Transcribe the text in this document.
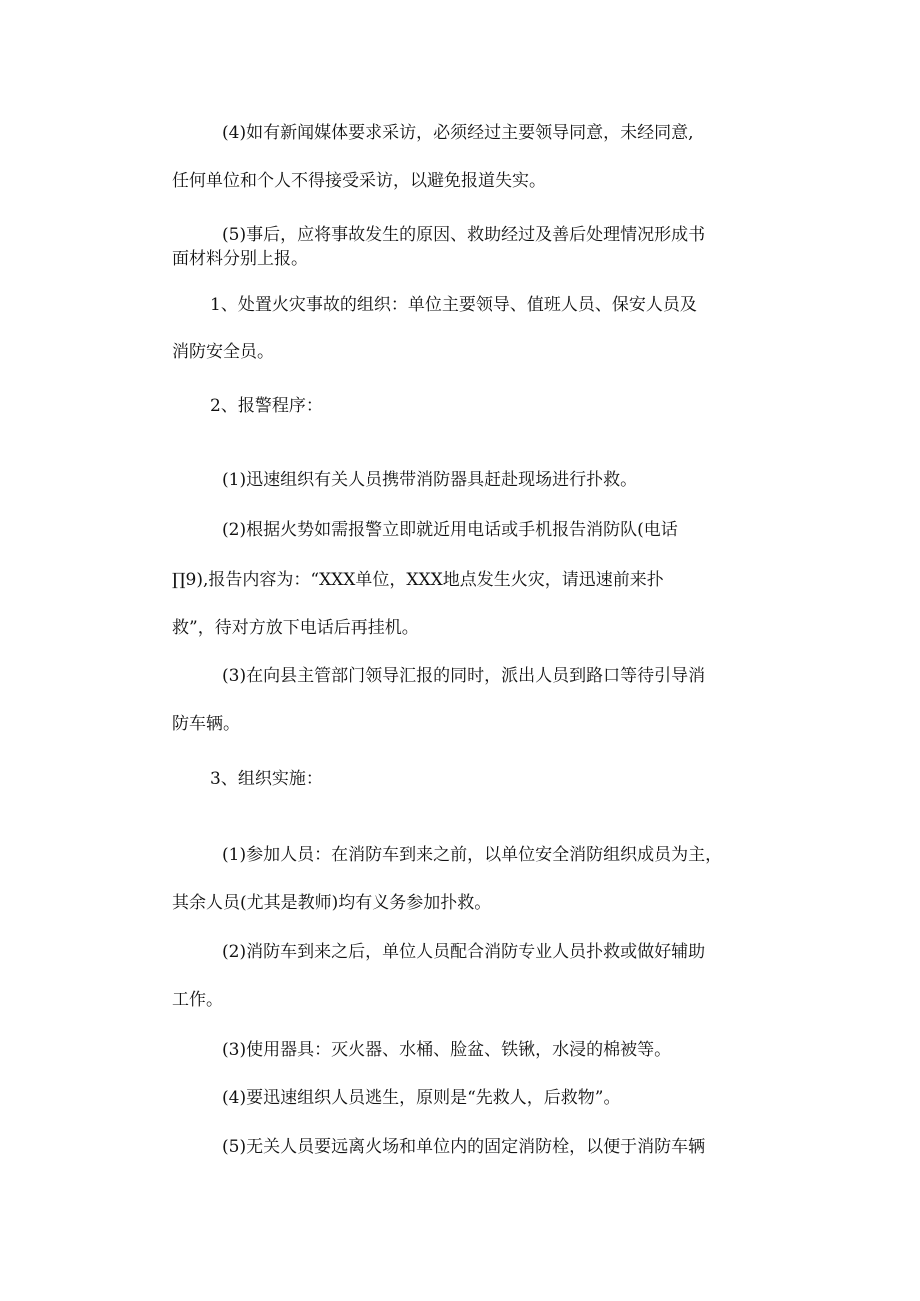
(4)如有新闻媒体要求采访，必须经过主要领导同意，未经同意,
任何单位和个人不得接受采访，以避免报道失实。
(5)事后，应将事故发生的原因、救助经过及善后处理情况形成书
面材料分别上报。
1、处置火灾事故的组织：单位主要领导、值班人员、保安人员及
消防安全员。
2、报警程序：
(1)迅速组织有关人员携带消防器具赶赴现场进行扑救。
(2)根据火势如需报警立即就近用电话或手机报告消防队(电话
∏9),报告内容为：“XXX单位，XXX地点发生火灾，请迅速前来扑
救”，待对方放下电话后再挂机。
(3)在向县主管部门领导汇报的同时，派出人员到路口等待引导消
防车辆。
3、组织实施：
(1)参加人员：在消防车到来之前，以单位安全消防组织成员为主，
其余人员(尤其是教师)均有义务参加扑救。
(2)消防车到来之后，单位人员配合消防专业人员扑救或做好辅助
工作。
(3)使用器具：灭火器、水桶、脸盆、铁锹，水浸的棉被等。
(4)要迅速组织人员逃生，原则是“先救人，后救物”。
(5)无关人员要远离火场和单位内的固定消防栓，以便于消防车辆
